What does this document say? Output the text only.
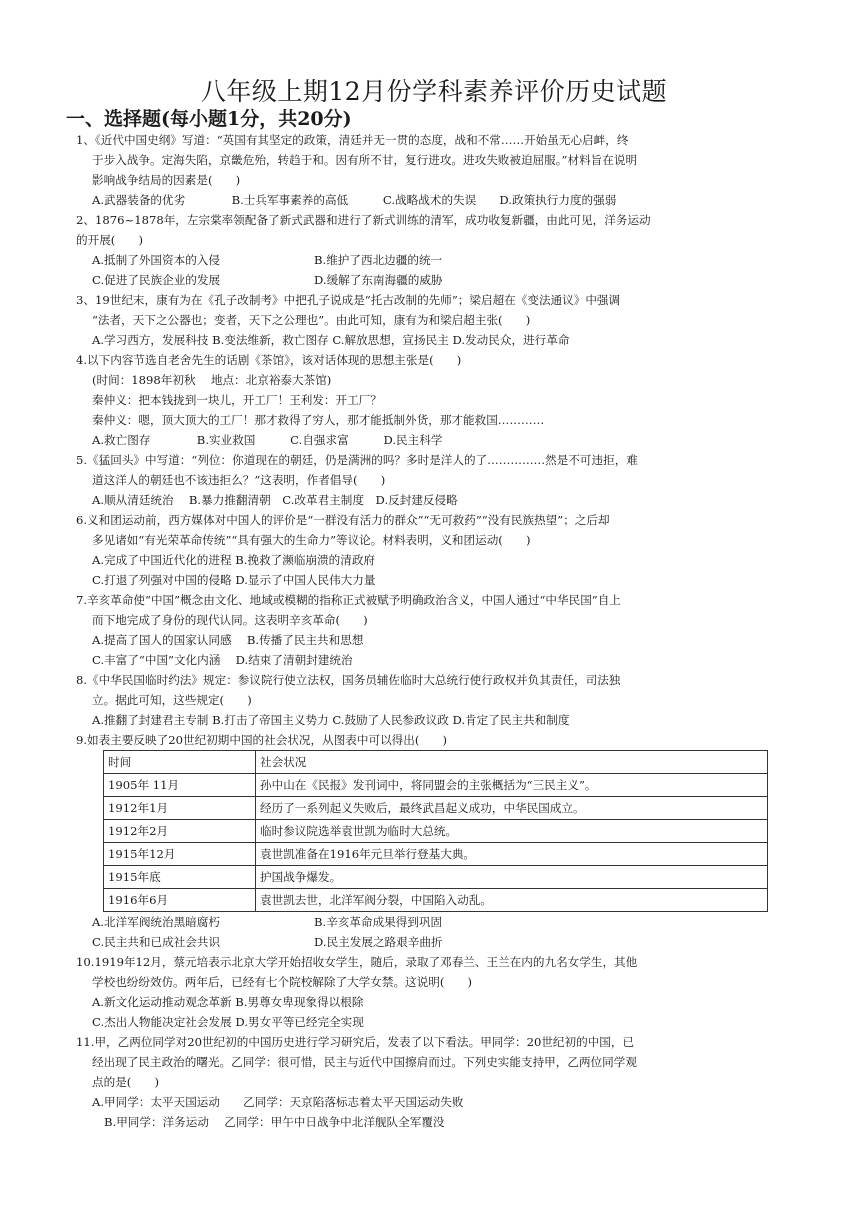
八年级上期12月份学科素养评价历史试题
一、选择题(每小题1分，共20分)
1、《近代中国史纲》写道：“英国有其坚定的政策，清廷并无一贯的态度，战和不常……开始虽无心启衅，终
于步入战争。定海失陷，京畿危殆，转趋于和。因有所不甘，复行进攻。进攻失败被迫屈服。”材料旨在说明
影响战争结局的因素是(　　)
A.武器装备的优劣　　　　B.士兵军事素养的高低　　　C.战略战术的失误　　D.政策执行力度的强弱
2、1876~1878年，左宗棠率领配备了新式武器和进行了新式训练的清军，成功收复新疆，由此可见，洋务运动
的开展(　　)
A.抵制了外国资本的入侵	B.维护了西北边疆的统一
C.促进了民族企业的发展	D.缓解了东南海疆的威胁
3、19世纪末，康有为在《孔子改制考》中把孔子说成是“托古改制的先师”；梁启超在《变法通议》中强调
“法者，天下之公器也；变者，天下之公理也”。由此可知，康有为和梁启超主张(　　)
A.学习西方，发展科技 B.变法维新，救亡图存 C.解放思想，宣扬民主 D.发动民众，进行革命
4.以下内容节选自老舍先生的话剧《茶馆》，该对话体现的思想主张是(　　)
(时间：1898年初秋　 地点：北京裕泰大茶馆)
秦仲义：把本钱拢到一块儿，开工厂！王利发：开工厂？
秦仲义：嗯，顶大顶大的工厂！那才救得了穷人，那才能抵制外货，那才能救国…………
A.救亡图存　　　　B.实业救国　　　C.自强求富　　　D.民主科学
5.《猛回头》中写道：“列位：你道现在的朝廷，仍是满洲的吗？多时是洋人的了……………然是不可违拒，难
道这洋人的朝廷也不该违拒么？”这表明，作者倡导(　　)
A.顺从清廷统治　 B.暴力推翻清朝　C.改革君主制度　D.反封建反侵略
6.义和团运动前，西方媒体对中国人的评价是“一群没有活力的群众”“无可救药”“没有民族热望”；之后却
多见诸如“有光荣革命传统”“具有强大的生命力”等议论。材料表明，义和团运动(　　)
A.完成了中国近代化的进程 B.挽救了濒临崩溃的清政府
C.打退了列强对中国的侵略 D.显示了中国人民伟大力量
7.辛亥革命使“中国”概念由文化、地域或模糊的指称正式被赋予明确政治含义，中国人通过“中华民国”自上
而下地完成了身份的现代认同。这表明辛亥革命(　　)
A.提高了国人的国家认同感　 B.传播了民主共和思想
C.丰富了“中国”文化内涵　 D.结束了清朝封建统治
8.《中华民国临时约法》规定：参议院行使立法权，国务员辅佐临时大总统行使行政权并负其责任，司法独
立。据此可知，这些规定(　　)
A.推翻了封建君主专制 B.打击了帝国主义势力 C.鼓励了人民参政议政 D.肯定了民主共和制度
9.如表主要反映了20世纪初期中国的社会状况，从图表中可以得出(　　)
时间	社会状况
1905年 11月	孙中山在《民报》发刊词中，将同盟会的主张概括为“三民主义”。
1912年1月	经历了一系列起义失败后，最终武昌起义成功，中华民国成立。
1912年2月	临时参议院选举袁世凯为临时大总统。
1915年12月	袁世凯准备在1916年元旦举行登基大典。
1915年底	护国战争爆发。
1916年6月	袁世凯去世，北洋军阀分裂，中国陷入动乱。
A.北洋军阀统治黑暗腐朽	B.辛亥革命成果得到巩固
C.民主共和已成社会共识	D.民主发展之路艰辛曲折
10.1919年12月，蔡元培表示北京大学开始招收女学生，随后，录取了邓春兰、王兰在内的九名女学生，其他
学校也纷纷效仿。两年后，已经有七个院校解除了大学女禁。这说明(　　)
A.新文化运动推动观念革新 B.男尊女卑现象得以根除
C.杰出人物能决定社会发展 D.男女平等已经完全实现
11.甲，乙两位同学对20世纪初的中国历史进行学习研究后，发表了以下看法。甲同学：20世纪初的中国，已
经出现了民主政治的曙光。乙同学：很可惜，民主与近代中国擦肩而过。下列史实能支持甲，乙两位同学观
点的是(　　)
A.甲同学：太平天国运动　　乙同学：天京陷落标志着太平天国运动失败
B.甲同学：洋务运动　 乙同学：甲午中日战争中北洋舰队全军覆没
